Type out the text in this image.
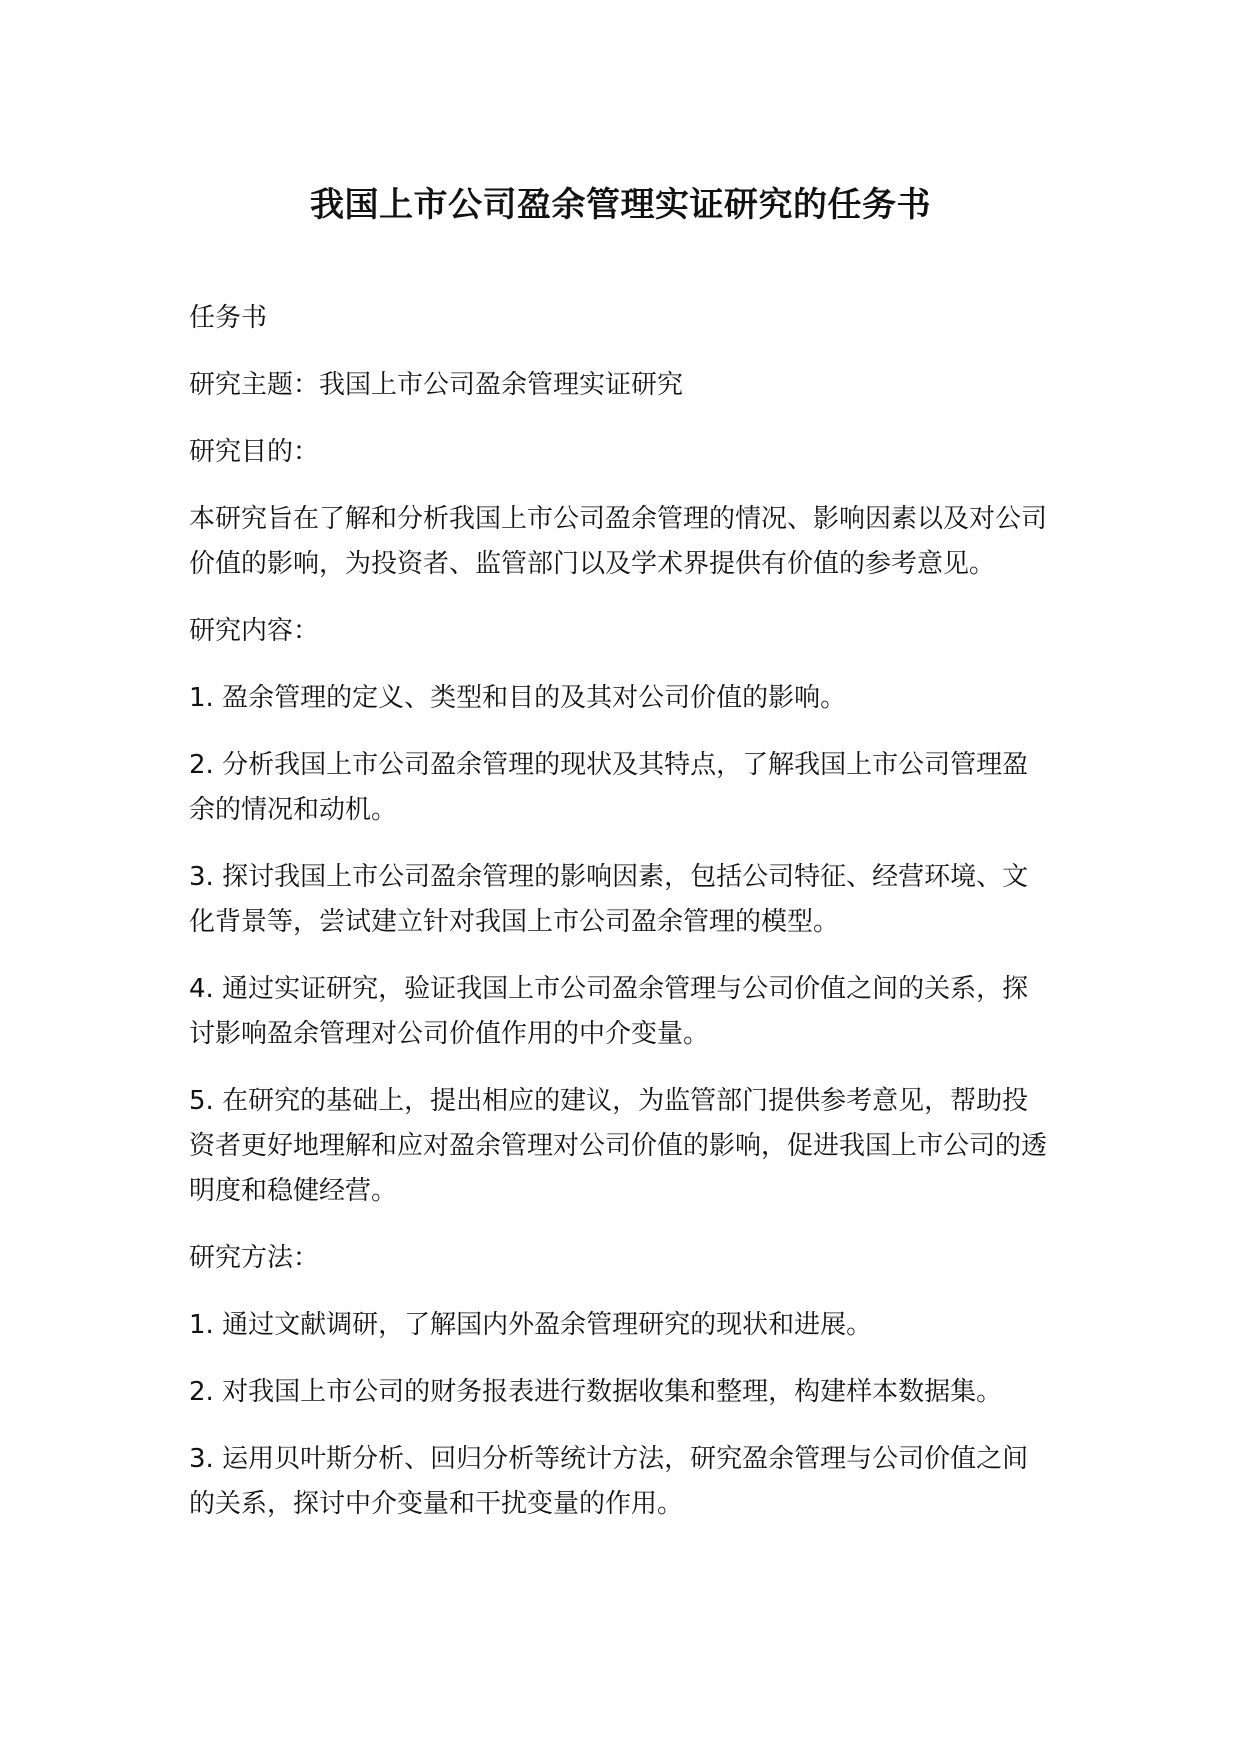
我国上市公司盈余管理实证研究的任务书

任务书

研究主题：我国上市公司盈余管理实证研究

研究目的：

本研究旨在了解和分析我国上市公司盈余管理的情况、影响因素以及对公司价值的影响，为投资者、监管部门以及学术界提供有价值的参考意见。

研究内容：

1. 盈余管理的定义、类型和目的及其对公司价值的影响。

2. 分析我国上市公司盈余管理的现状及其特点，了解我国上市公司管理盈余的情况和动机。

3. 探讨我国上市公司盈余管理的影响因素，包括公司特征、经营环境、文化背景等，尝试建立针对我国上市公司盈余管理的模型。

4. 通过实证研究，验证我国上市公司盈余管理与公司价值之间的关系，探讨影响盈余管理对公司价值作用的中介变量。

5. 在研究的基础上，提出相应的建议，为监管部门提供参考意见，帮助投资者更好地理解和应对盈余管理对公司价值的影响，促进我国上市公司的透明度和稳健经营。

研究方法：

1. 通过文献调研，了解国内外盈余管理研究的现状和进展。

2. 对我国上市公司的财务报表进行数据收集和整理，构建样本数据集。

3. 运用贝叶斯分析、回归分析等统计方法，研究盈余管理与公司价值之间的关系，探讨中介变量和干扰变量的作用。
